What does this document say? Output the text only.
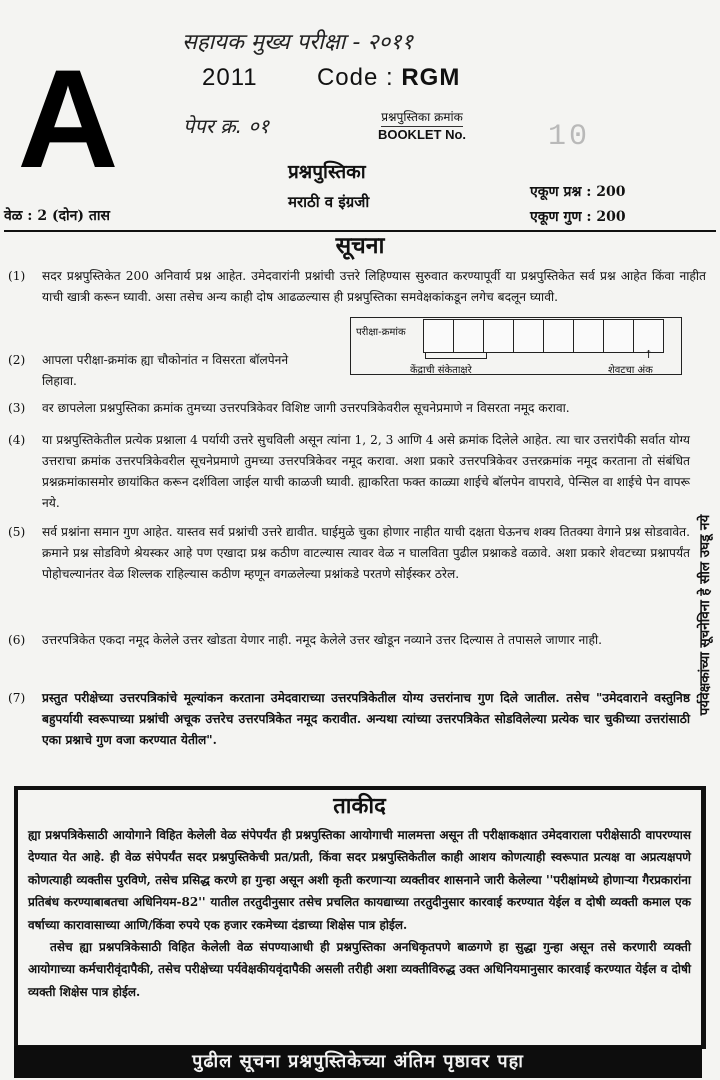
सहायक मुख्य परीक्षा - २०११
2011 Code : RGM
A	पेपर क्र. ०१	प्रश्नपुस्तिका क्रमांक
BOOKLET No.	10
प्रश्नपुस्तिका
मराठी व इंग्रजी
वेळ : 2 (दोन) तास
एकूण प्रश्न : 200
एकूण गुण : 200
सूचना
(1) सदर प्रश्नपुस्तिकेत 200 अनिवार्य प्रश्न आहेत. उमेदवारांनी प्रश्नांची उत्तरे लिहिण्यास सुरुवात करण्यापूर्वी या प्रश्नपुस्तिकेत सर्व प्रश्न आहेत किंवा नाहीत याची खात्री करून घ्यावी. असा तसेच अन्य काही दोष आढळल्यास ही प्रश्नपुस्तिका समवेक्षकांकडून लगेच बदलून घ्यावी.
परीक्षा-क्रमांक
केंद्राची संकेताक्षरे
↑
शेवटचा अंक
(2) आपला परीक्षा-क्रमांक ह्या चौकोनांत न विसरता बॉलपेनने लिहावा.
(3) वर छापलेला प्रश्नपुस्तिका क्रमांक तुमच्या उत्तरपत्रिकेवर विशिष्ट जागी उत्तरपत्रिकेवरील सूचनेप्रमाणे न विसरता नमूद करावा.
(4) या प्रश्नपुस्तिकेतील प्रत्येक प्रश्नाला 4 पर्यायी उत्तरे सुचविली असून त्यांना 1, 2, 3 आणि 4 असे क्रमांक दिलेले आहेत. त्या चार उत्तरांपैकी सर्वात योग्य उत्तराचा क्रमांक उत्तरपत्रिकेवरील सूचनेप्रमाणे तुमच्या उत्तरपत्रिकेवर नमूद करावा. अशा प्रकारे उत्तरपत्रिकेवर उत्तरक्रमांक नमूद करताना तो संबंधित प्रश्नक्रमांकासमोर छायांकित करून दर्शविला जाईल याची काळजी घ्यावी. ह्याकरिता फक्त काळ्या शाईचे बॉलपेन वापरावे, पेन्सिल वा शाईचे पेन वापरू नये.
(5) सर्व प्रश्नांना समान गुण आहेत. यास्तव सर्व प्रश्नांची उत्तरे द्यावीत. घाईमुळे चुका होणार नाहीत याची दक्षता घेऊनच शक्य तितक्या वेगाने प्रश्न सोडवावेत. क्रमाने प्रश्न सोडविणे श्रेयस्कर आहे पण एखादा प्रश्न कठीण वाटल्यास त्यावर वेळ न घालविता पुढील प्रश्नाकडे वळावे. अशा प्रकारे शेवटच्या प्रश्नापर्यंत पोहोचल्यानंतर वेळ शिल्लक राहिल्यास कठीण म्हणून वगळलेल्या प्रश्नांकडे परतणे सोईस्कर ठरेल.
(6) उत्तरपत्रिकेत एकदा नमूद केलेले उत्तर खोडता येणार नाही. नमूद केलेले उत्तर खोडून नव्याने उत्तर दिल्यास ते तपासले जाणार नाही.
(7) प्रस्तुत परीक्षेच्या उत्तरपत्रिकांचे मूल्यांकन करताना उमेदवाराच्या उत्तरपत्रिकेतील योग्य उत्तरांनाच गुण दिले जातील. तसेच "उमेदवाराने वस्तुनिष्ठ बहुपर्यायी स्वरूपाच्या प्रश्नांची अचूक उत्तरेच उत्तरपत्रिकेत नमूद करावीत. अन्यथा त्यांच्या उत्तरपत्रिकेत सोडविलेल्या प्रत्येक चार चुकीच्या उत्तरांसाठी एका प्रश्नाचे गुण वजा करण्यात येतील".
पर्यवेक्षकांच्या सूचनेविना हे सील उघडू नये
ताकीद
ह्या प्रश्नपत्रिकेसाठी आयोगाने विहित केलेली वेळ संपेपर्यंत ही प्रश्नपुस्तिका आयोगाची मालमत्ता असून ती परीक्षाकक्षात उमेदवाराला परीक्षेसाठी वापरण्यास देण्यात येत आहे. ही वेळ संपेपर्यंत सदर प्रश्नपुस्तिकेची प्रत/प्रती, किंवा सदर प्रश्नपुस्तिकेतील काही आशय कोणत्याही स्वरूपात प्रत्यक्ष वा अप्रत्यक्षपणे कोणत्याही व्यक्तीस पुरविणे, तसेच प्रसिद्ध करणे हा गुन्हा असून अशी कृती करणाऱ्या व्यक्तीवर शासनाने जारी केलेल्या ''परीक्षांमध्ये होणाऱ्या गैरप्रकारांना प्रतिबंध करण्याबाबतचा अधिनियम-82'' यातील तरतुदीनुसार तसेच प्रचलित कायद्याच्या तरतुदीनुसार कारवाई करण्यात येईल व दोषी व्यक्ती कमाल एक वर्षाच्या कारावासाच्या आणि/किंवा रुपये एक हजार रकमेच्या दंडाच्या शिक्षेस पात्र होईल.
तसेच ह्या प्रश्नपत्रिकेसाठी विहित केलेली वेळ संपण्याआधी ही प्रश्नपुस्तिका अनधिकृतपणे बाळगणे हा सुद्धा गुन्हा असून तसे करणारी व्यक्ती आयोगाच्या कर्मचारीवृंदापैकी, तसेच परीक्षेच्या पर्यवेक्षकीयवृंदापैकी असली तरीही अशा व्यक्तीविरुद्ध उक्त अधिनियमानुसार कारवाई करण्यात येईल व दोषी व्यक्ती शिक्षेस पात्र होईल.
पुढील सूचना प्रश्नपुस्तिकेच्या अंतिम पृष्ठावर पहा
